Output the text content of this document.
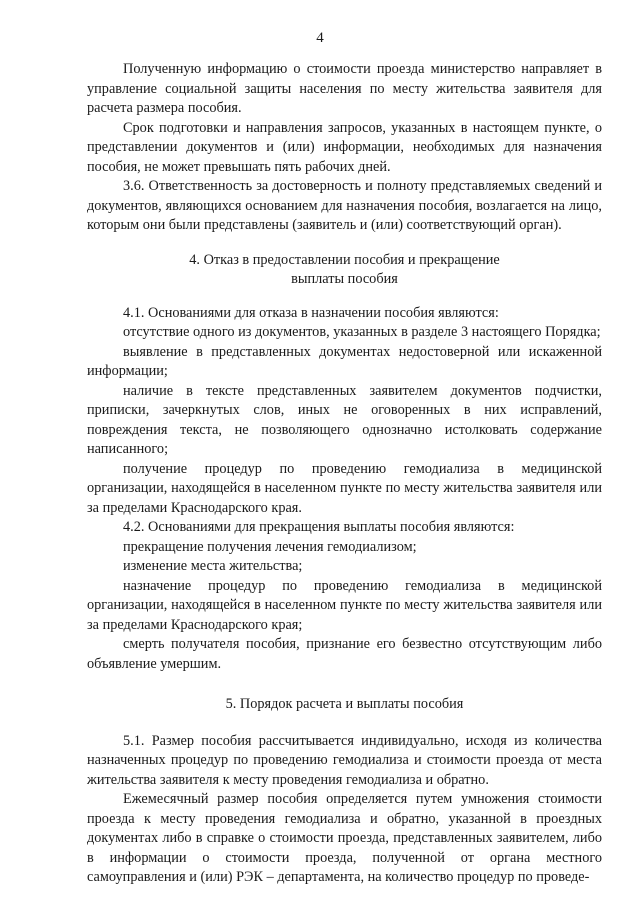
4

Полученную информацию о стоимости проезда министерство направляет в управление социальной защиты населения по месту жительства заявителя для расчета размера пособия.

Срок подготовки и направления запросов, указанных в настоящем пункте, о представлении документов и (или) информации, необходимых для назначения пособия, не может превышать пять рабочих дней.

3.6. Ответственность за достоверность и полноту представляемых сведений и документов, являющихся основанием для назначения пособия, возлагается на лицо, которым они были представлены (заявитель и (или) соответствующий орган).

4. Отказ в предоставлении пособия и прекращение
выплаты пособия

4.1. Основаниями для отказа в назначении пособия являются:

отсутствие одного из документов, указанных в разделе 3 настоящего Порядка;

выявление в представленных документах недостоверной или искаженной информации;

наличие в тексте представленных заявителем документов подчистки, приписки, зачеркнутых слов, иных не оговоренных в них исправлений, повреждения текста, не позволяющего однозначно истолковать содержание написанного;

получение процедур по проведению гемодиализа в медицинской организации, находящейся в населенном пункте по месту жительства заявителя или за пределами Краснодарского края.

4.2. Основаниями для прекращения выплаты пособия являются:

прекращение получения лечения гемодиализом;

изменение места жительства;

назначение процедур по проведению гемодиализа в медицинской организации, находящейся в населенном пункте по месту жительства заявителя или за пределами Краснодарского края;

смерть получателя пособия, признание его безвестно отсутствующим либо объявление умершим.

5. Порядок расчета и выплаты пособия

5.1. Размер пособия рассчитывается индивидуально, исходя из количества назначенных процедур по проведению гемодиализа и стоимости проезда от места жительства заявителя к месту проведения гемодиализа и обратно.

Ежемесячный размер пособия определяется путем умножения стоимости проезда к месту проведения гемодиализа и обратно, указанной в проездных документах либо в справке о стоимости проезда, представленных заявителем, либо в информации о стоимости проезда, полученной от органа местного самоуправления и (или) РЭК – департамента, на количество процедур по проведе-
